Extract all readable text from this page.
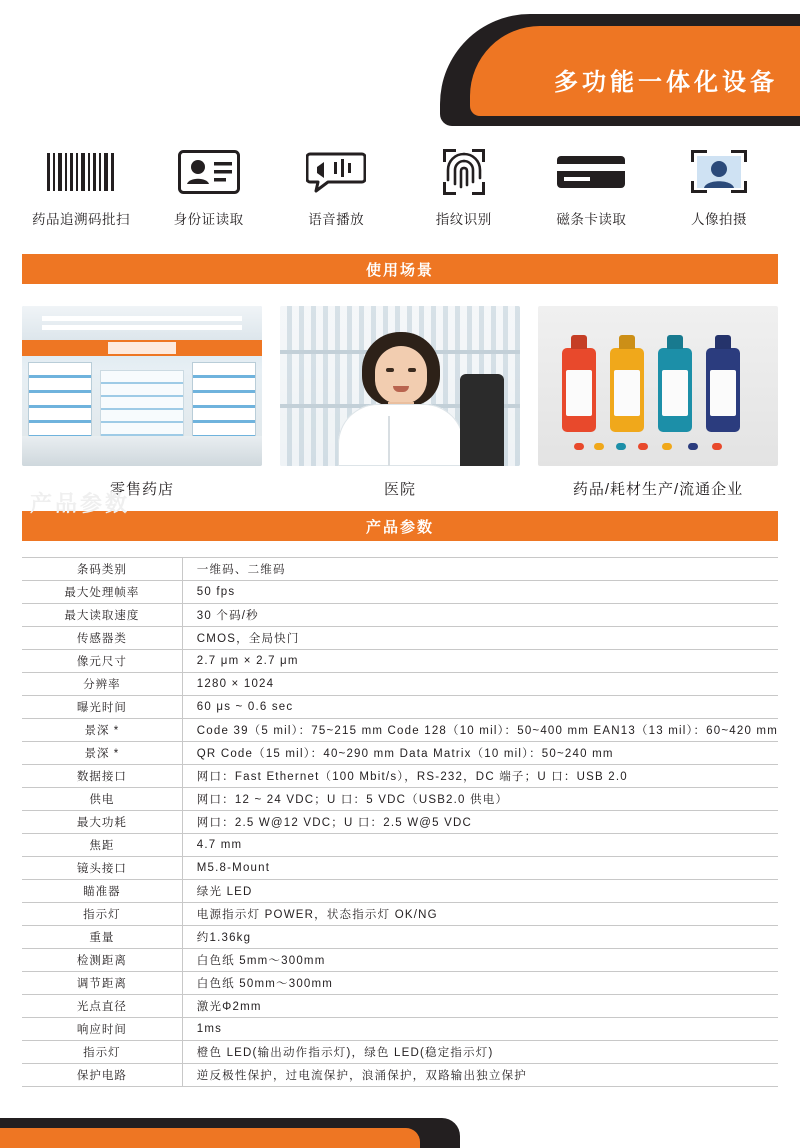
多功能一体化设备
药品追溯码批扫	身份证读取	语音播放	指纹识别	磁条卡读取	人像拍摄
使用场景
零售药店	医院	药品/耗材生产/流通企业
产品参数
产品参数
条码类别	一维码、二维码
最大处理帧率	50 fps
最大读取速度	30 个码/秒
传感器类	CMOS，全局快门
像元尺寸	2.7 μm × 2.7 μm
分辨率	1280 × 1024
曝光时间	60 μs ~ 0.6 sec
景深 *	Code 39（5 mil）：75~215 mm Code 128（10 mil）：50~400 mm EAN13（13 mil）：60~420 mm
景深 *	QR Code（15 mil）：40~290 mm Data Matrix（10 mil）：50~240 mm
数据接口	网口：Fast Ethernet（100 Mbit/s），RS-232，DC 端子；U 口：USB 2.0
供电	网口：12 ~ 24 VDC；U 口：5 VDC（USB2.0 供电）
最大功耗	网口：2.5 W@12 VDC；U 口：2.5 W@5 VDC
焦距	4.7 mm
镜头接口	M5.8-Mount
瞄准器	绿光 LED
指示灯	电源指示灯 POWER，状态指示灯 OK/NG
重量	约1.36kg
检测距离	白色纸 5mm～300mm
调节距离	白色纸 50mm～300mm
光点直径	激光Φ2mm
响应时间	1ms
指示灯	橙色 LED(输出动作指示灯)，绿色 LED(稳定指示灯)
保护电路	逆反极性保护，过电流保护，浪涌保护，双路输出独立保护
